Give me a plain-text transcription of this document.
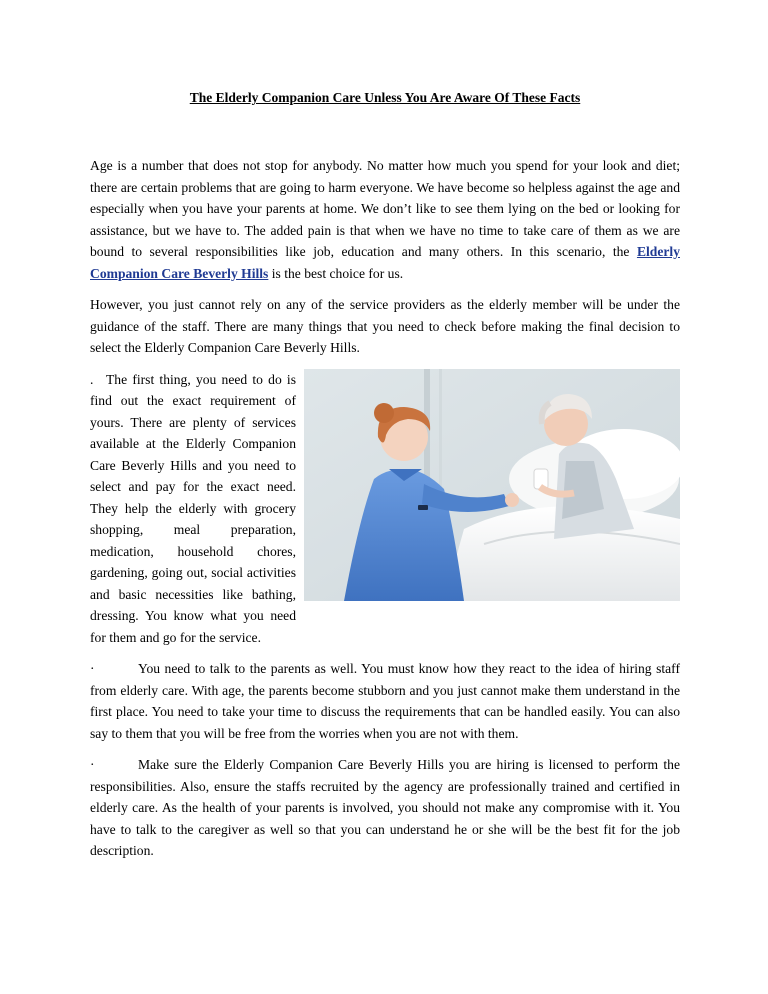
The Elderly Companion Care Unless You Are Aware Of These Facts

Age is a number that does not stop for anybody. No matter how much you spend for your look and diet; there are certain problems that are going to harm everyone. We have become so helpless against the age and especially when you have your parents at home. We don’t like to see them lying on the bed or looking for assistance, but we have to. The added pain is that when we have no time to take care of them as we are bound to several responsibilities like job, education and many others. In this scenario, the Elderly Companion Care Beverly Hills is the best choice for us.

However, you just cannot rely on any of the service providers as the elderly member will be under the guidance of the staff. There are many things that you need to check before making the final decision to select the Elderly Companion Care Beverly Hills.

. The first thing, you need to do is find out the exact requirement of yours. There are plenty of services available at the Elderly Companion Care Beverly Hills and you need to select and pay for the exact need. They help the elderly with grocery shopping, meal preparation, medication, household chores, gardening, going out, social activities and basic necessities like bathing, dressing. You know what you need for them and go for the service.

·	You need to talk to the parents as well. You must know how they react to the idea of hiring staff from elderly care. With age, the parents become stubborn and you just cannot make them understand in the first place. You need to take your time to discuss the requirements that can be handled easily. You can also say to them that you will be free from the worries when you are not with them.

·	Make sure the Elderly Companion Care Beverly Hills you are hiring is licensed to perform the responsibilities. Also, ensure the staffs recruited by the agency are professionally trained and certified in elderly care. As the health of your parents is involved, you should not make any compromise with it. You have to talk to the caregiver as well so that you can understand he or she will be the best fit for the job description.
